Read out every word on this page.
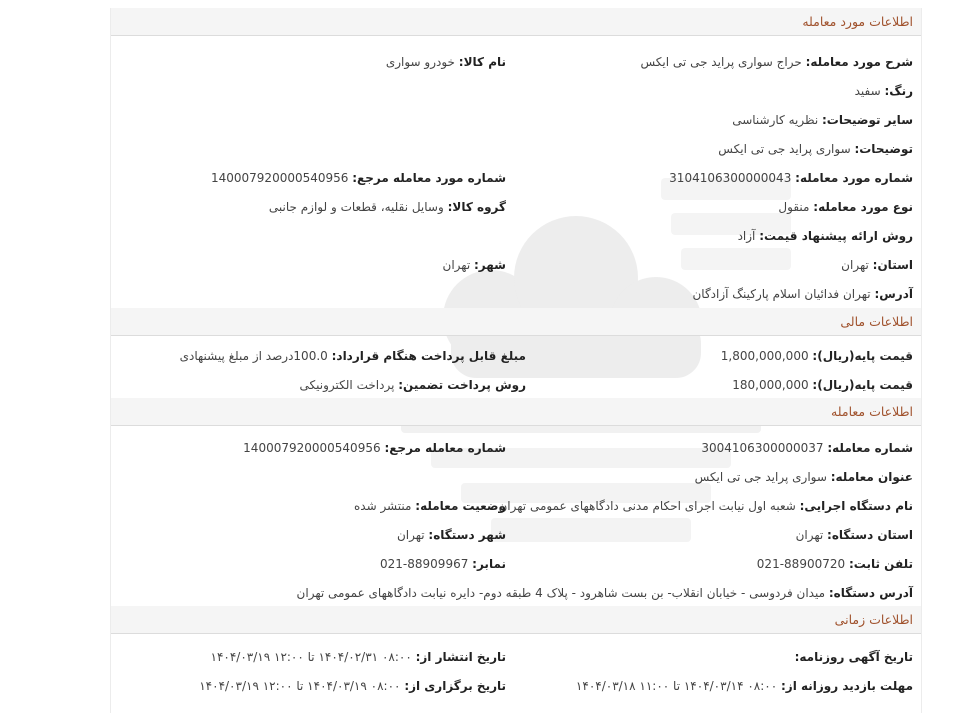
اطلاعات مورد معامله
شرح مورد معامله: حراج سواری پراید جی تی ایکس
نام کالا: خودرو سواری
رنگ: سفید
سایر توضیحات: نظریه کارشناسی
توضیحات: سواری پراید جی تی ایکس
شماره مورد معامله: 3104106300000043
شماره مورد معامله مرجع: 140007920000540956
نوع مورد معامله: منقول
گروه کالا: وسایل نقلیه، قطعات و لوازم جانبی
روش ارائه پیشنهاد قیمت: آزاد
استان: تهران
شهر: تهران
آدرس: تهران فدائیان اسلام پارکینگ آزادگان
اطلاعات مالی
قیمت پایه(ریال): 1,800,000,000
مبلغ قابل پرداخت هنگام قرارداد: 100.0درصد از مبلغ پیشنهادی
قیمت پایه(ریال): 180,000,000
روش پرداخت تضمین: پرداخت الکترونیکی
اطلاعات معامله
شماره معامله: 3004106300000037
شماره معامله مرجع: 140007920000540956
عنوان معامله: سواری پراید جی تی ایکس
نام دستگاه اجرایی: شعبه اول نیابت اجرای احکام مدنی دادگاههای عمومی تهران
وضعیت معامله: منتشر شده
استان دستگاه: تهران
شهر دستگاه: تهران
تلفن ثابت: 88900720-021
نمابر: 88909967-021
آدرس دستگاه: میدان فردوسی - خیابان انقلاب- بن بست شاهرود - پلاک 4 طبقه دوم- دایره نیابت دادگاههای عمومی تهران
اطلاعات زمانی
تاریخ آگهی روزنامه:
تاریخ انتشار از: ۰۸:۰۰ ۱۴۰۴/۰۲/۳۱ تا ۱۲:۰۰ ۱۴۰۴/۰۳/۱۹
مهلت بازدید روزانه از: ۰۸:۰۰ ۱۴۰۴/۰۳/۱۴ تا ۱۱:۰۰ ۱۴۰۴/۰۳/۱۸
تاریخ برگزاری از: ۰۸:۰۰ ۱۴۰۴/۰۳/۱۹ تا ۱۲:۰۰ ۱۴۰۴/۰۳/۱۹
